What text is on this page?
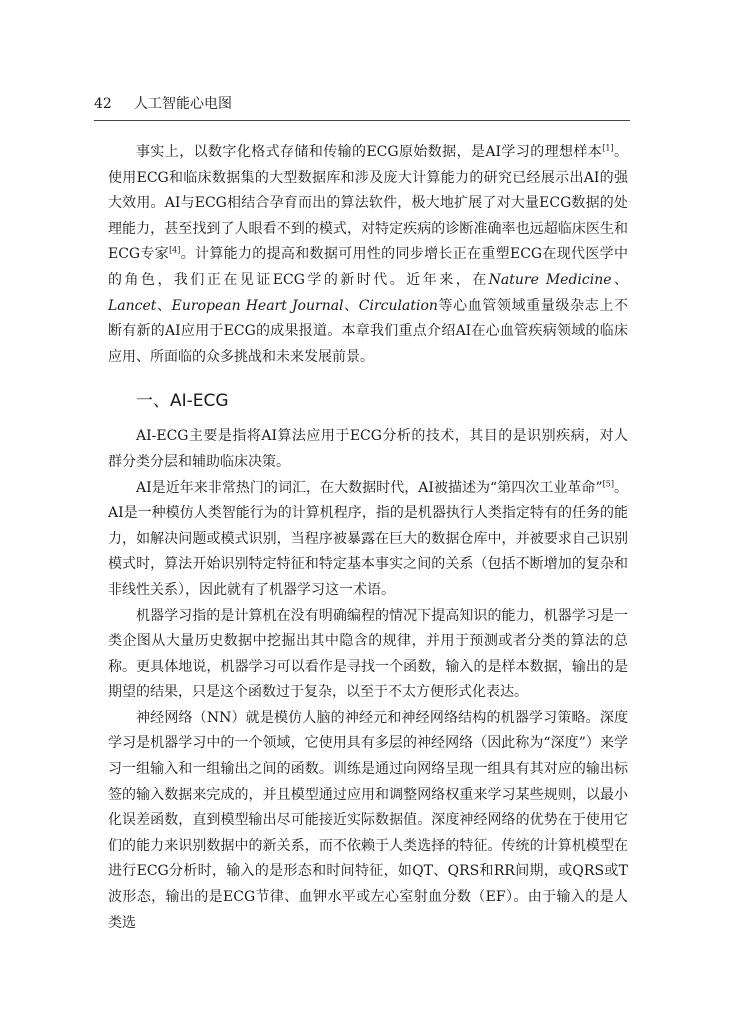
42 人工智能心电图

事实上，以数字化格式存储和传输的ECG原始数据，是AI学习的理想样本[1]。使用ECG和临床数据集的大型数据库和涉及庞大计算能力的研究已经展示出AI的强大效用。AI与ECG相结合孕育而出的算法软件，极大地扩展了对大量ECG数据的处理能力，甚至找到了人眼看不到的模式，对特定疾病的诊断准确率也远超临床医生和ECG专家[4]。计算能力的提高和数据可用性的同步增长正在重塑ECG在现代医学中的角色，我们正在见证ECG学的新时代。近年来，在Nature Medicine、Lancet、European Heart Journal、Circulation等心血管领域重量级杂志上不断有新的AI应用于ECG的成果报道。本章我们重点介绍AI在心血管疾病领域的临床应用、所面临的众多挑战和未来发展前景。

一、AI-ECG

AI-ECG主要是指将AI算法应用于ECG分析的技术，其目的是识别疾病，对人群分类分层和辅助临床决策。

AI是近年来非常热门的词汇，在大数据时代，AI被描述为“第四次工业革命”[5]。AI是一种模仿人类智能行为的计算机程序，指的是机器执行人类指定特有的任务的能力，如解决问题或模式识别，当程序被暴露在巨大的数据仓库中，并被要求自己识别模式时，算法开始识别特定特征和特定基本事实之间的关系（包括不断增加的复杂和非线性关系），因此就有了机器学习这一术语。

机器学习指的是计算机在没有明确编程的情况下提高知识的能力，机器学习是一类企图从大量历史数据中挖掘出其中隐含的规律，并用于预测或者分类的算法的总称。更具体地说，机器学习可以看作是寻找一个函数，输入的是样本数据，输出的是期望的结果，只是这个函数过于复杂，以至于不太方便形式化表达。

神经网络（NN）就是模仿人脑的神经元和神经网络结构的机器学习策略。深度学习是机器学习中的一个领域，它使用具有多层的神经网络（因此称为“深度”）来学习一组输入和一组输出之间的函数。训练是通过向网络呈现一组具有其对应的输出标签的输入数据来完成的，并且模型通过应用和调整网络权重来学习某些规则，以最小化误差函数，直到模型输出尽可能接近实际数据值。深度神经网络的优势在于使用它们的能力来识别数据中的新关系，而不依赖于人类选择的特征。传统的计算机模型在进行ECG分析时，输入的是形态和时间特征，如QT、QRS和RR间期，或QRS或T波形态，输出的是ECG节律、血钾水平或左心室射血分数（EF）。由于输入的是人类选
